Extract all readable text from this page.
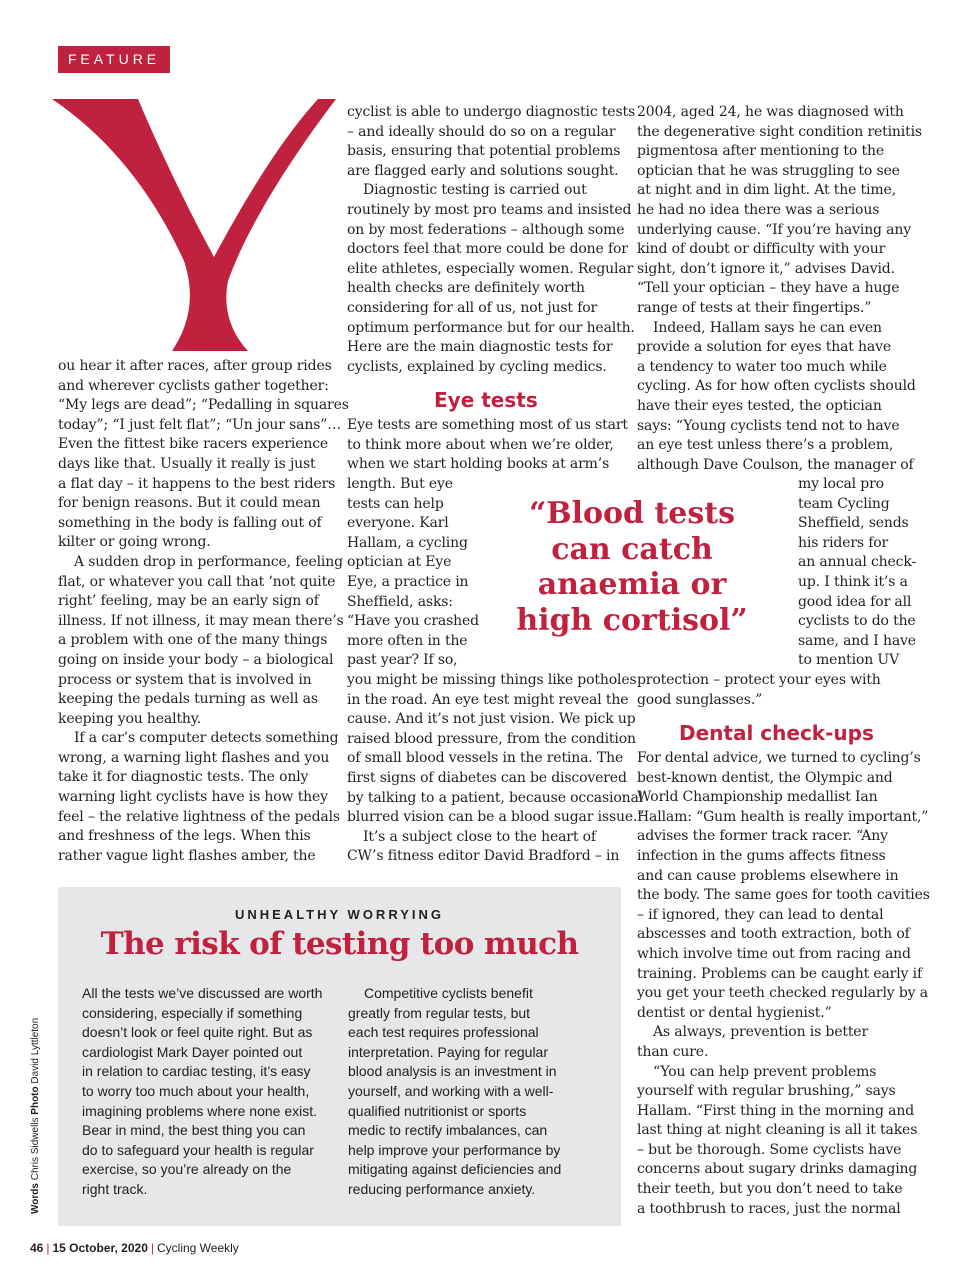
FEATURE
ou hear it after races, after group rides
and wherever cyclists gather together:
“My legs are dead”; “Pedalling in squares
today”; “I just felt flat”; “Un jour sans”…
Even the fittest bike racers experience
days like that. Usually it really is just
a flat day – it happens to the best riders
for benign reasons. But it could mean
something in the body is falling out of
kilter or going wrong.
A sudden drop in performance, feeling
flat, or whatever you call that ‘not quite
right’ feeling, may be an early sign of
illness. If not illness, it may mean there’s
a problem with one of the many things
going on inside your body – a biological
process or system that is involved in
keeping the pedals turning as well as
keeping you healthy.
If a car’s computer detects something
wrong, a warning light flashes and you
take it for diagnostic tests. The only
warning light cyclists have is how they
feel – the relative lightness of the pedals
and freshness of the legs. When this
rather vague light flashes amber, the
cyclist is able to undergo diagnostic tests
– and ideally should do so on a regular
basis, ensuring that potential problems
are flagged early and solutions sought.
Diagnostic testing is carried out
routinely by most pro teams and insisted
on by most federations – although some
doctors feel that more could be done for
elite athletes, especially women. Regular
health checks are definitely worth
considering for all of us, not just for
optimum performance but for our health.
Here are the main diagnostic tests for
cyclists, explained by cycling medics.
Eye tests
Eye tests are something most of us start
to think more about when we’re older,
when we start holding books at arm’s
length. But eye
tests can help
everyone. Karl
Hallam, a cycling
optician at Eye
Eye, a practice in
Sheffield, asks:
“Have you crashed
more often in the
past year? If so,
you might be missing things like potholes
in the road. An eye test might reveal the
cause. And it’s not just vision. We pick up
raised blood pressure, from the condition
of small blood vessels in the retina. The
first signs of diabetes can be discovered
by talking to a patient, because occasional
blurred vision can be a blood sugar issue.”
It’s a subject close to the heart of
CW’s fitness editor David Bradford – in
2004, aged 24, he was diagnosed with
the degenerative sight condition retinitis
pigmentosa after mentioning to the
optician that he was struggling to see
at night and in dim light. At the time,
he had no idea there was a serious
underlying cause. “If you’re having any
kind of doubt or difficulty with your
sight, don’t ignore it,” advises David.
“Tell your optician – they have a huge
range of tests at their fingertips.”
Indeed, Hallam says he can even
provide a solution for eyes that have
a tendency to water too much while
cycling. As for how often cyclists should
have their eyes tested, the optician
says: “Young cyclists tend not to have
an eye test unless there’s a problem,
although Dave Coulson, the manager of
my local pro
team Cycling
Sheffield, sends
his riders for
an annual check-
up. I think it’s a
good idea for all
cyclists to do the
same, and I have
to mention UV
protection – protect your eyes with
good sunglasses.”
Dental check-ups
For dental advice, we turned to cycling’s
best-known dentist, the Olympic and
World Championship medallist Ian
Hallam: “Gum health is really important,”
advises the former track racer. “Any
infection in the gums affects fitness
and can cause problems elsewhere in
the body. The same goes for tooth cavities
– if ignored, they can lead to dental
abscesses and tooth extraction, both of
which involve time out from racing and
training. Problems can be caught early if
you get your teeth checked regularly by a
dentist or dental hygienist.”
As always, prevention is better
than cure.
“You can help prevent problems
yourself with regular brushing,” says
Hallam. “First thing in the morning and
last thing at night cleaning is all it takes
– but be thorough. Some cyclists have
concerns about sugary drinks damaging
their teeth, but you don’t need to take
a toothbrush to races, just the normal
“Blood tests
can catch
anaemia or
high cortisol”
UNHEALTHY WORRYING
The risk of testing too much
All the tests we’ve discussed are worth
considering, especially if something
doesn’t look or feel quite right. But as
cardiologist Mark Dayer pointed out
in relation to cardiac testing, it’s easy
to worry too much about your health,
imagining problems where none exist.
Bear in mind, the best thing you can
do to safeguard your health is regular
exercise, so you’re already on the
right track.
Competitive cyclists benefit
greatly from regular tests, but
each test requires professional
interpretation. Paying for regular
blood analysis is an investment in
yourself, and working with a well-
qualified nutritionist or sports
medic to rectify imbalances, can
help improve your performance by
mitigating against deficiencies and
reducing performance anxiety.
Words Chris Sidwells Photo David Lyttleton
46 | 15 October, 2020 | Cycling Weekly
